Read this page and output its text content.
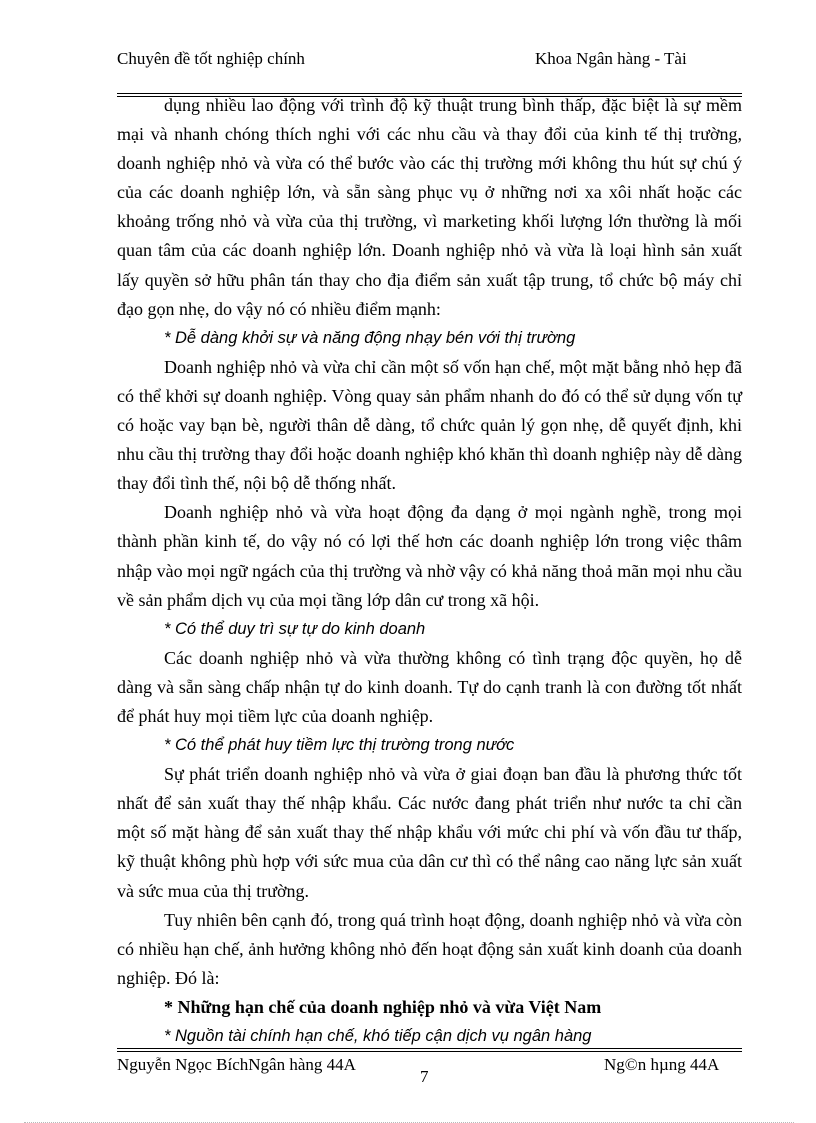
Chuyên đề tốt nghiệp chính	Khoa Ngân hàng - Tài

dụng nhiều lao động với trình độ kỹ thuật trung bình thấp, đặc biệt là sự mềm mại và nhanh chóng thích nghi với các nhu cầu và thay đổi của kinh tế thị trường, doanh nghiệp nhỏ và vừa có thể bước vào các thị trường mới không thu hút sự chú ý của các doanh nghiệp lớn, và sẵn sàng phục vụ ở những nơi xa xôi nhất hoặc các khoảng trống nhỏ và vừa của thị trường, vì marketing khối lượng lớn thường là mối quan tâm của các doanh nghiệp lớn. Doanh nghiệp nhỏ và vừa là loại hình sản xuất lấy quyền sở hữu phân tán thay cho địa điểm sản xuất tập trung, tổ chức bộ máy chỉ đạo gọn nhẹ, do vậy nó có nhiều điểm mạnh:

* Dễ dàng khởi sự và năng động nhạy bén với thị trường

Doanh nghiệp nhỏ và vừa chỉ cần một số vốn hạn chế, một mặt bằng nhỏ hẹp đã có thể khởi sự doanh nghiệp. Vòng quay sản phẩm nhanh do đó có thể sử dụng vốn tự có hoặc vay bạn bè, người thân dễ dàng, tổ chức quản lý gọn nhẹ, dễ quyết định, khi nhu cầu thị trường thay đổi hoặc doanh nghiệp khó khăn thì doanh nghiệp này dễ dàng thay đổi tình thế, nội bộ dễ thống nhất.

Doanh nghiệp nhỏ và vừa hoạt động đa dạng ở mọi ngành nghề, trong mọi thành phần kinh tế, do vậy nó có lợi thế hơn các doanh nghiệp lớn trong việc thâm nhập vào mọi ngữ ngách của thị trường và nhờ vậy có khả năng thoả mãn mọi nhu cầu về sản phẩm dịch vụ của mọi tầng lớp dân cư trong xã hội.

* Có thể duy trì sự tự do kinh doanh

Các doanh nghiệp nhỏ và vừa thường không có tình trạng độc quyền, họ dễ dàng và sẵn sàng chấp nhận tự do kinh doanh. Tự do cạnh tranh là con đường tốt nhất để phát huy mọi tiềm lực của doanh nghiệp.

* Có thể phát huy tiềm lực thị trường trong nước

Sự phát triển doanh nghiệp nhỏ và vừa ở giai đoạn ban đầu là phương thức tốt nhất để sản xuất thay thế nhập khẩu. Các nước đang phát triển như nước ta chỉ cần một số mặt hàng để sản xuất thay thế nhập khẩu với mức chi phí và vốn đầu tư thấp, kỹ thuật không phù hợp với sức mua của dân cư thì có thể nâng cao năng lực sản xuất và sức mua của thị trường.

Tuy nhiên bên cạnh đó, trong quá trình hoạt động, doanh nghiệp nhỏ và vừa còn có nhiều hạn chế, ảnh hưởng không nhỏ đến hoạt động sản xuất kinh doanh của doanh nghiệp. Đó là:

* Những hạn chế của doanh nghiệp nhỏ và vừa Việt Nam

* Nguồn tài chính hạn chế, khó tiếp cận dịch vụ ngân hàng

Nguyễn Ngọc BíchNgân hàng 44A
7
Ng©n hµng 44A
